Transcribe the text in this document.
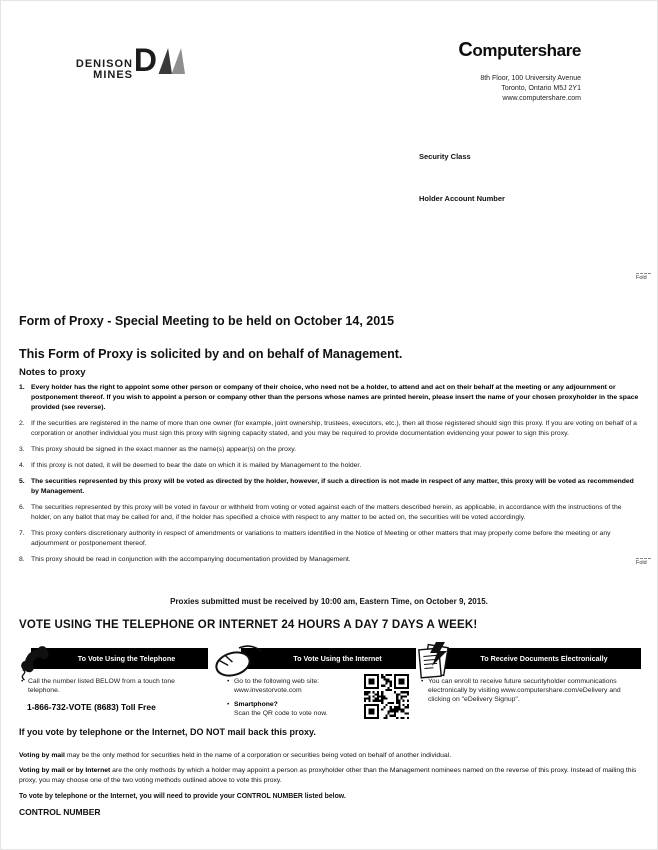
DENISON
MINES D	Computershare
8th Floor, 100 University Avenue
Toronto, Ontario M5J 2Y1
www.computershare.com
Security Class
Holder Account Number
Fold
Fold
Form of Proxy - Special Meeting to be held on October 14, 2015
This Form of Proxy is solicited by and on behalf of Management.
Notes to proxy
1. Every holder has the right to appoint some other person or company of their choice, who need not be a holder, to attend and act on their behalf at the meeting or any adjournment or postponement thereof. If you wish to appoint a person or company other than the persons whose names are printed herein, please insert the name of your chosen proxyholder in the space provided (see reverse).
2. If the securities are registered in the name of more than one owner (for example, joint ownership, trustees, executors, etc.), then all those registered should sign this proxy. If you are voting on behalf of a corporation or another individual you must sign this proxy with signing capacity stated, and you may be required to provide documentation evidencing your power to sign this proxy.
3. This proxy should be signed in the exact manner as the name(s) appear(s) on the proxy.
4. If this proxy is not dated, it will be deemed to bear the date on which it is mailed by Management to the holder.
5. The securities represented by this proxy will be voted as directed by the holder, however, if such a direction is not made in respect of any matter, this proxy will be voted as recommended by Management.
6. The securities represented by this proxy will be voted in favour or withheld from voting or voted against each of the matters described herein, as applicable, in accordance with the instructions of the holder, on any ballot that may be called for and, if the holder has specified a choice with respect to any matter to be acted on, the securities will be voted accordingly.
7. This proxy confers discretionary authority in respect of amendments or variations to matters identified in the Notice of Meeting or other matters that may properly come before the meeting or any adjournment or postponement thereof.
8. This proxy should be read in conjunction with the accompanying documentation provided by Management.
Proxies submitted must be received by 10:00 am, Eastern Time, on October 9, 2015.
VOTE USING THE TELEPHONE OR INTERNET 24 HOURS A DAY 7 DAYS A WEEK!
To Vote Using the Telephone
• Call the number listed BELOW from a touch tone telephone.
1-866-732-VOTE (8683) Toll Free
To Vote Using the Internet
• Go to the following web site:
www.investorvote.com
• Smartphone?
Scan the QR code to vote now.
To Receive Documents Electronically
• You can enroll to receive future securityholder communications electronically by visiting www.computershare.com/eDelivery and clicking on "eDelivery Signup".
If you vote by telephone or the Internet, DO NOT mail back this proxy.
Voting by mail may be the only method for securities held in the name of a corporation or securities being voted on behalf of another individual.
Voting by mail or by Internet are the only methods by which a holder may appoint a person as proxyholder other than the Management nominees named on the reverse of this proxy. Instead of mailing this proxy, you may choose one of the two voting methods outlined above to vote this proxy.
To vote by telephone or the Internet, you will need to provide your CONTROL NUMBER listed below.
CONTROL NUMBER
